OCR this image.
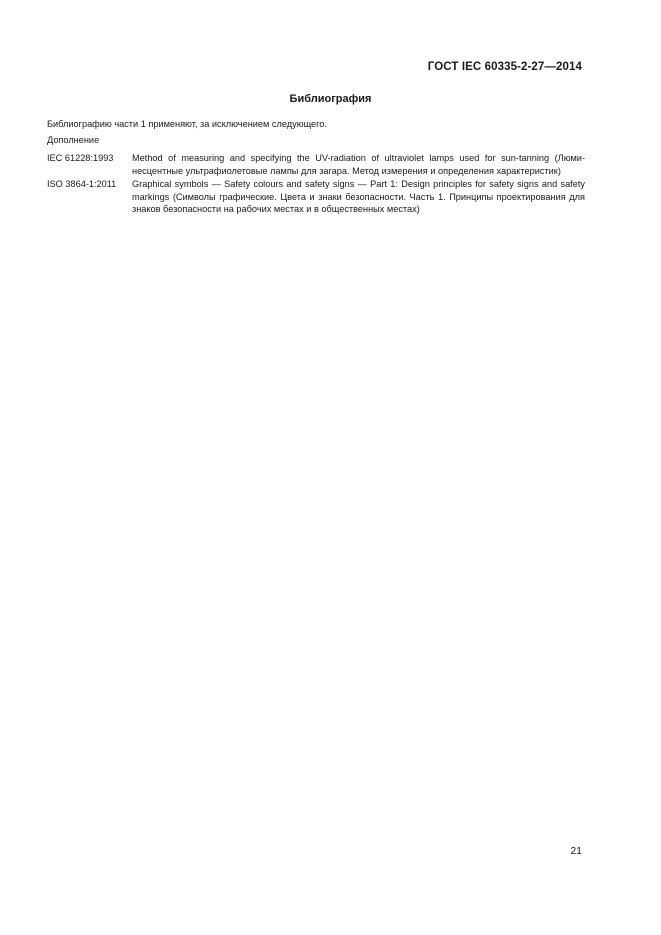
ГОСТ IEC 60335-2-27—2014
Библиография
Библиографию части 1 применяют, за исключением следующего.
Дополнение
IEC 61228:1993	Method of measuring and specifying the UV-radiation of ultraviolet lamps used for sun-tanning (Люминесцентные ультрафиолетовые лампы для загара. Метод измерения и определения характеристик)
ISO 3864-1:2011	Graphical symbols — Safety colours and safety signs — Part 1: Design principles for safety signs and safety markings (Символы графические. Цвета и знаки безопасности. Часть 1. Принципы проектирования для знаков безопасности на рабочих местах и в общественных местах)
21
